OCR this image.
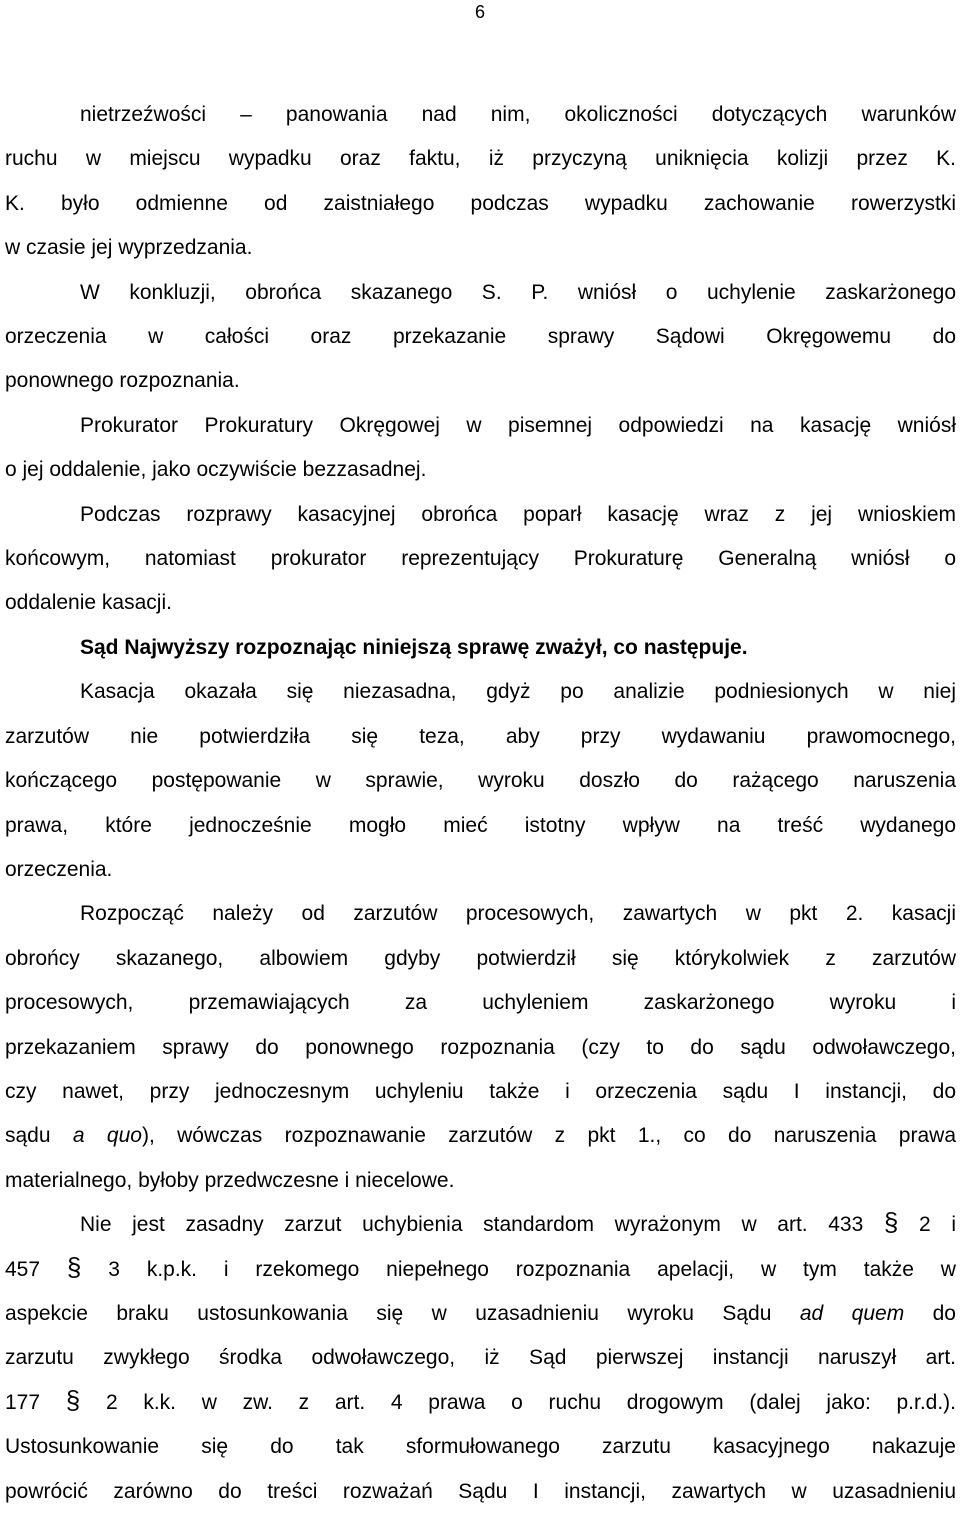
6

nietrzeźwości – panowania nad nim, okoliczności dotyczących warunków

ruchu w miejscu wypadku oraz faktu, iż przyczyną uniknięcia kolizji przez K.

K. było odmienne od zaistniałego podczas wypadku zachowanie rowerzystki

w czasie jej wyprzedzania.

W konkluzji, obrońca skazanego S. P. wniósł o uchylenie zaskarżonego

orzeczenia w całości oraz przekazanie sprawy Sądowi Okręgowemu do

ponownego rozpoznania.

Prokurator Prokuratury Okręgowej w pisemnej odpowiedzi na kasację wniósł

o jej oddalenie, jako oczywiście bezzasadnej.

Podczas rozprawy kasacyjnej obrońca poparł kasację wraz z jej wnioskiem

końcowym, natomiast prokurator reprezentujący Prokuraturę Generalną wniósł o

oddalenie kasacji.

Sąd Najwyższy rozpoznając niniejszą sprawę zważył, co następuje.

Kasacja okazała się niezasadna, gdyż po analizie podniesionych w niej

zarzutów nie potwierdziła się teza, aby przy wydawaniu prawomocnego,

kończącego postępowanie w sprawie, wyroku doszło do rażącego naruszenia

prawa, które jednocześnie mogło mieć istotny wpływ na treść wydanego

orzeczenia.

Rozpocząć należy od zarzutów procesowych, zawartych w pkt 2. kasacji

obrońcy skazanego, albowiem gdyby potwierdził się którykolwiek z zarzutów

procesowych, przemawiających za uchyleniem zaskarżonego wyroku i

przekazaniem sprawy do ponownego rozpoznania (czy to do sądu odwoławczego,

czy nawet, przy jednoczesnym uchyleniu także i orzeczenia sądu I instancji, do

sądu a quo), wówczas rozpoznawanie zarzutów z pkt 1., co do naruszenia prawa

materialnego, byłoby przedwczesne i niecelowe.

Nie jest zasadny zarzut uchybienia standardom wyrażonym w art. 433 § 2 i

457 § 3 k.p.k. i rzekomego niepełnego rozpoznania apelacji, w tym także w

aspekcie braku ustosunkowania się w uzasadnieniu wyroku Sądu ad quem do

zarzutu zwykłego środka odwoławczego, iż Sąd pierwszej instancji naruszył art.

177 § 2 k.k. w zw. z art. 4 prawa o ruchu drogowym (dalej jako: p.r.d.).

Ustosunkowanie się do tak sformułowanego zarzutu kasacyjnego nakazuje

powrócić zarówno do treści rozważań Sądu I instancji, zawartych w uzasadnieniu
